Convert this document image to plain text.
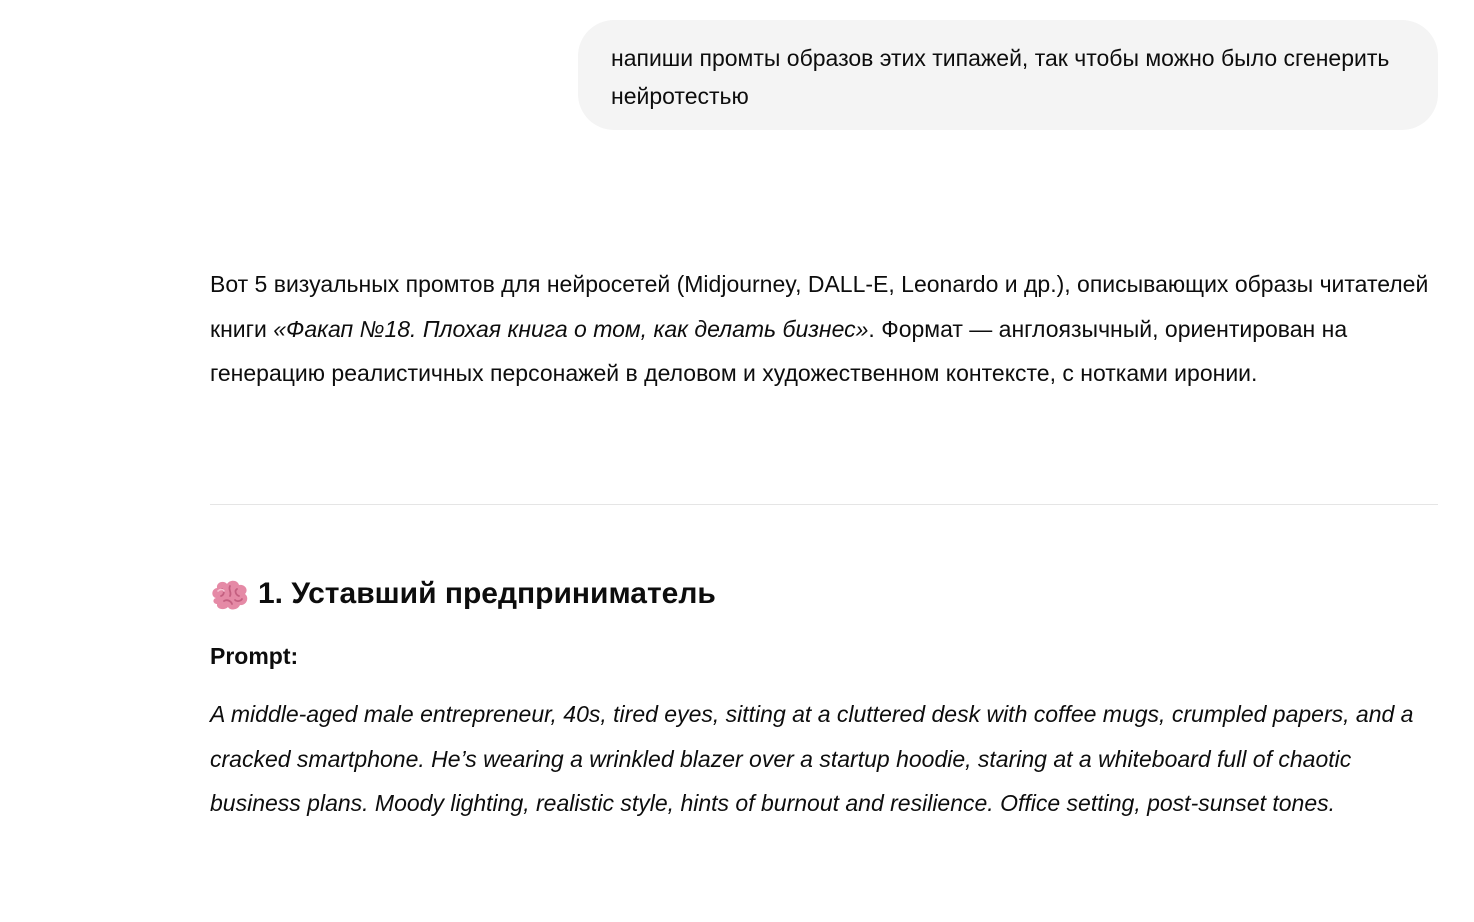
напиши промты образов этих типажей, так чтобы можно было сгенерить нейротестью

Вот 5 визуальных промтов для нейросетей (Midjourney, DALL-E, Leonardo и др.), описывающих образы читателей книги «Факап №18. Плохая книга о том, как делать бизнес». Формат — англоязычный, ориентирован на генерацию реалистичных персонажей в деловом и художественном контексте, с нотками иронии.

1. Уставший предприниматель

Prompt:

A middle-aged male entrepreneur, 40s, tired eyes, sitting at a cluttered desk with coffee mugs, crumpled papers, and a cracked smartphone. He’s wearing a wrinkled blazer over a startup hoodie, staring at a whiteboard full of chaotic business plans. Moody lighting, realistic style, hints of burnout and resilience. Office setting, post-sunset tones.
